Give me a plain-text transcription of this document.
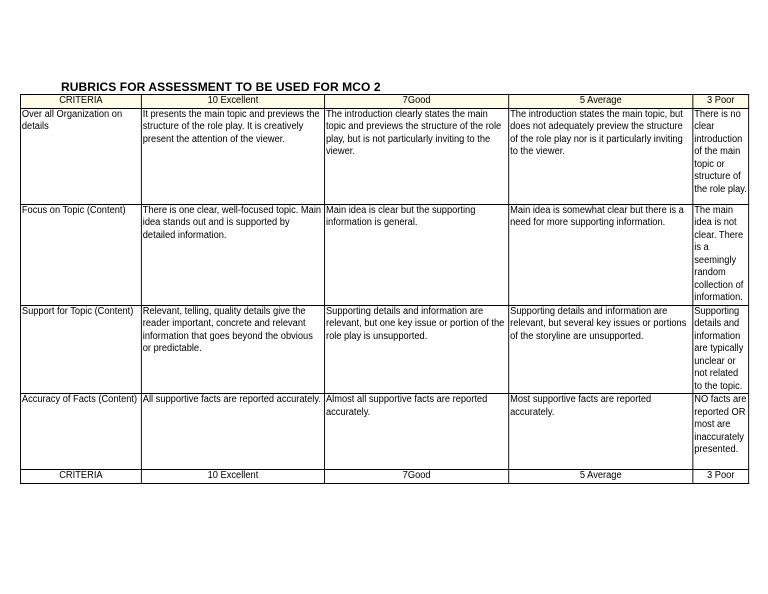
RUBRICS FOR ASSESSMENT TO BE USED FOR MCO 2
CRITERIA	10 Excellent	7Good	5 Average	3 Poor
Over all Organization on details	It presents the main topic and previews the structure of the role play. It is creatively present the attention of the viewer.	The introduction clearly states the main topic and previews the structure of the role play, but is not particularly inviting to the viewer.	The introduction states the main topic, but does not adequately preview the structure of the role play nor is it particularly inviting to the viewer.	There is no clear introduction of the main topic or structure of the role play.
Focus on Topic (Content)	There is one clear, well-focused topic. Main idea stands out and is supported by detailed information.	Main idea is clear but the supporting information is general.	Main idea is somewhat clear but there is a need for more supporting information.	The main idea is not clear. There is a seemingly random collection of information.
Support for Topic (Content)	Relevant, telling, quality details give the reader important, concrete and relevant information that goes beyond the obvious or predictable.	Supporting details and information are relevant, but one key issue or portion of the role play is unsupported.	Supporting details and information are relevant, but several key issues or portions of the storyline are unsupported.	Supporting details and information are typically unclear or not related to the topic.
Accuracy of Facts (Content)	All supportive facts are reported accurately.	Almost all supportive facts are reported accurately.	Most supportive facts are reported accurately.	NO facts are reported OR most are inaccurately presented.
CRITERIA	10 Excellent	7Good	5 Average	3 Poor
